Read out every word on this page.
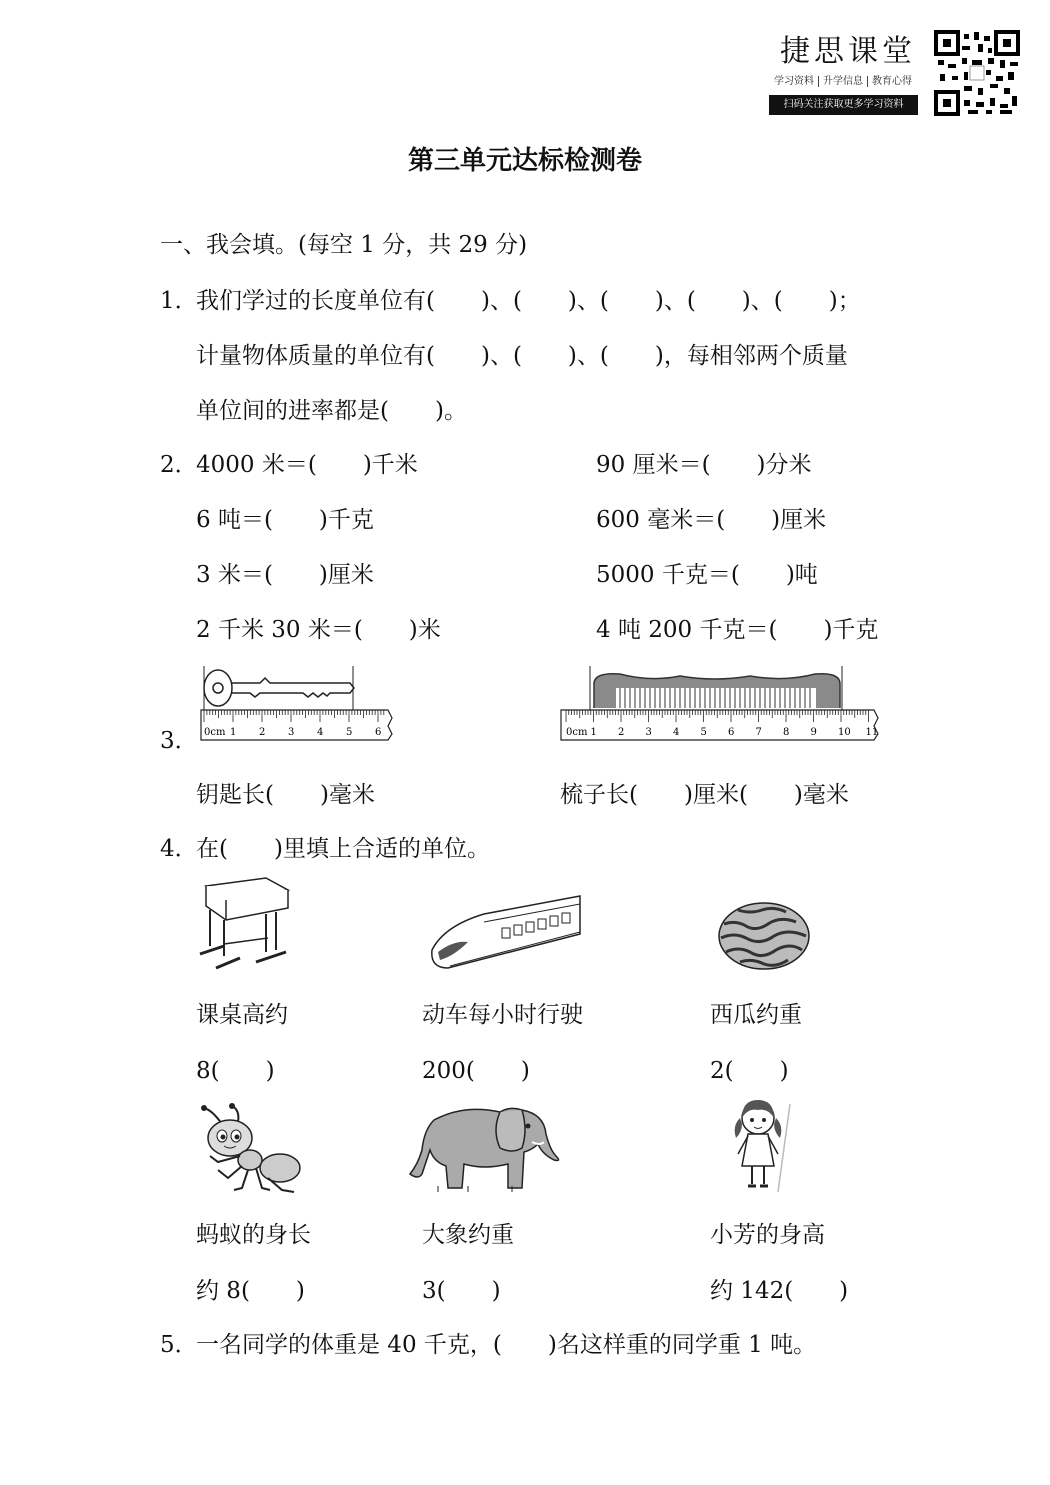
捷思课堂
学习资料 升学信息 教育心得
扫码关注获取更多学习资料
第三单元达标检测卷
一、我会填。(每空 1 分，共 29 分)
1．我们学过的长度单位有(　　)、(　　)、(　　)、(　　)、(　　)；
计量物体质量的单位有(　　)、(　　)、(　　)，每相邻两个质量
单位间的进率都是(　　)。
2．4000 米＝(　　)千米	90 厘米＝(　　)分米
6 吨＝(　　)千克	600 毫米＝(　　)厘米
3 米＝(　　)厘米	5000 千克＝(　　)吨
2 千米 30 米＝(　　)米	4 吨 200 千克＝(　　)千克
3． 0cm 1 2 3 4 5 6	0cm 1 2 3 4 5 6 7 8 9 10 11
钥匙长(　　)毫米	梳子长(　　)厘米(　　)毫米
4．在(　　)里填上合适的单位。
课桌高约	动车每小时行驶	西瓜约重
8(　　)	200(　　)	2(　　)
蚂蚁的身长	大象约重	小芳的身高
约 8(　　)	3(　　)	约 142(　　)
5．一名同学的体重是 40 千克，(　　)名这样重的同学重 1 吨。
